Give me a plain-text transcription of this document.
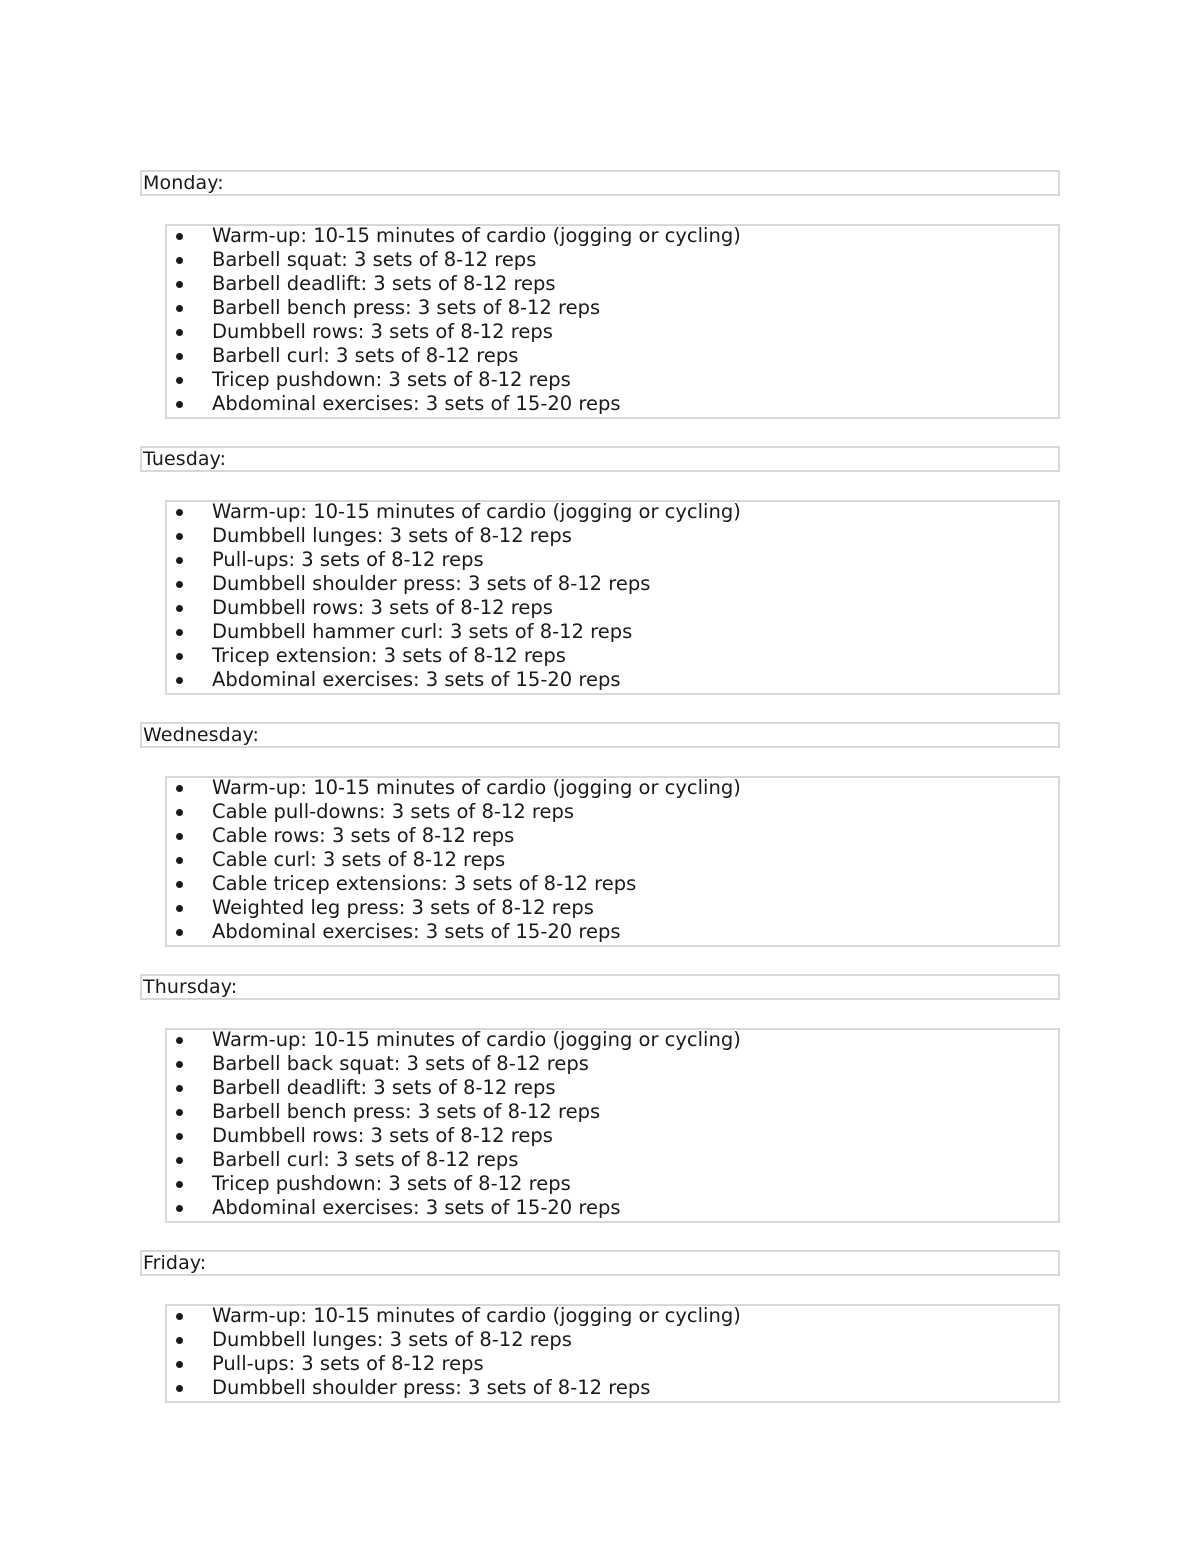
Monday:
Warm-up: 10-15 minutes of cardio (jogging or cycling)
Barbell squat: 3 sets of 8-12 reps
Barbell deadlift: 3 sets of 8-12 reps
Barbell bench press: 3 sets of 8-12 reps
Dumbbell rows: 3 sets of 8-12 reps
Barbell curl: 3 sets of 8-12 reps
Tricep pushdown: 3 sets of 8-12 reps
Abdominal exercises: 3 sets of 15-20 reps
Tuesday:
Warm-up: 10-15 minutes of cardio (jogging or cycling)
Dumbbell lunges: 3 sets of 8-12 reps
Pull-ups: 3 sets of 8-12 reps
Dumbbell shoulder press: 3 sets of 8-12 reps
Dumbbell rows: 3 sets of 8-12 reps
Dumbbell hammer curl: 3 sets of 8-12 reps
Tricep extension: 3 sets of 8-12 reps
Abdominal exercises: 3 sets of 15-20 reps
Wednesday:
Warm-up: 10-15 minutes of cardio (jogging or cycling)
Cable pull-downs: 3 sets of 8-12 reps
Cable rows: 3 sets of 8-12 reps
Cable curl: 3 sets of 8-12 reps
Cable tricep extensions: 3 sets of 8-12 reps
Weighted leg press: 3 sets of 8-12 reps
Abdominal exercises: 3 sets of 15-20 reps
Thursday:
Warm-up: 10-15 minutes of cardio (jogging or cycling)
Barbell back squat: 3 sets of 8-12 reps
Barbell deadlift: 3 sets of 8-12 reps
Barbell bench press: 3 sets of 8-12 reps
Dumbbell rows: 3 sets of 8-12 reps
Barbell curl: 3 sets of 8-12 reps
Tricep pushdown: 3 sets of 8-12 reps
Abdominal exercises: 3 sets of 15-20 reps
Friday:
Warm-up: 10-15 minutes of cardio (jogging or cycling)
Dumbbell lunges: 3 sets of 8-12 reps
Pull-ups: 3 sets of 8-12 reps
Dumbbell shoulder press: 3 sets of 8-12 reps
